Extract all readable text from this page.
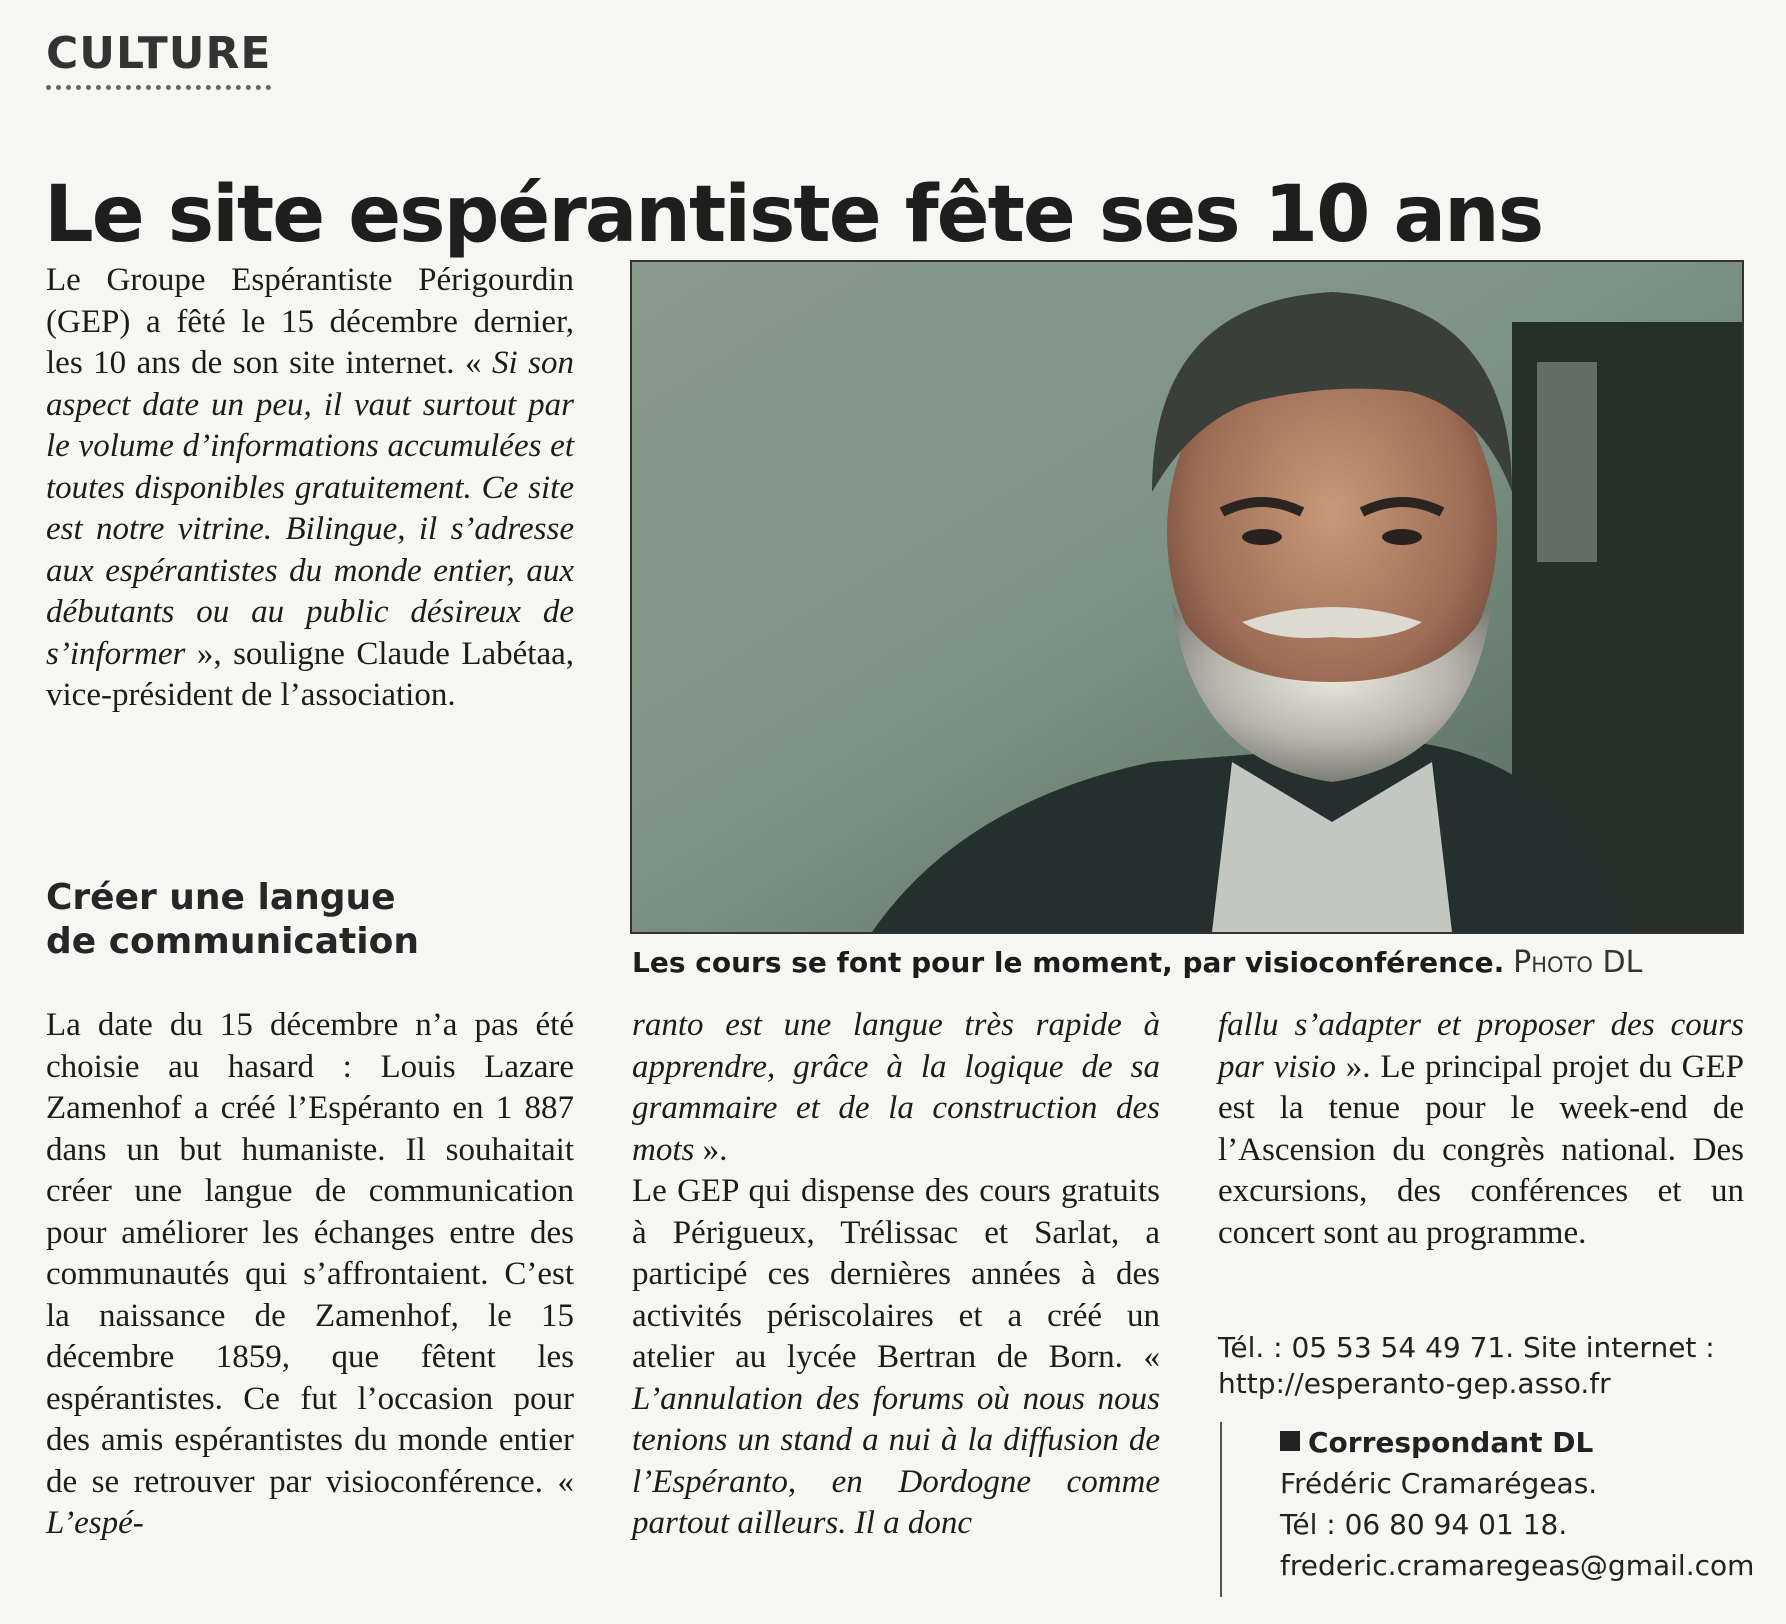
CULTURE
Le site espérantiste fête ses 10 ans

Le Groupe Espérantiste Périgourdin (GEP) a fêté le 15 décembre dernier, les 10 ans de son site internet. « Si son aspect date un peu, il vaut surtout par le volume d’informations accumulées et toutes disponibles gratuitement. Ce site est notre vitrine. Bilingue, il s’adresse aux espérantistes du monde entier, aux débutants ou au public désireux de s’informer », souligne Claude Labétaa, vice-président de l’association.

Créer une langue
de communication
Les cours se font pour le moment, par visioconférence. Photo DL

La date du 15 décembre n’a pas été choisie au hasard : Louis Lazare Zamenhof a créé l’Espéranto en 1 887 dans un but humaniste. Il souhaitait créer une langue de communication pour améliorer les échanges entre des communautés qui s’affrontaient. C’est la naissance de Zamenhof, le 15 décembre 1859, que fêtent les espérantistes. Ce fut l’occasion pour des amis espérantistes du monde entier de se retrouver par visioconférence. « L’espé-

ranto est une langue très rapide à apprendre, grâce à la logique de sa grammaire et de la construction des mots ».

Le GEP qui dispense des cours gratuits à Périgueux, Trélissac et Sarlat, a participé ces dernières années à des activités périscolaires et a créé un atelier au lycée Bertran de Born. « L’annulation des forums où nous nous tenions un stand a nui à la diffusion de l’Espéranto, en Dordogne comme partout ailleurs. Il a donc

fallu s’adapter et proposer des cours par visio ». Le principal projet du GEP est la tenue pour le week-end de l’Ascension du congrès national. Des excursions, des conférences et un concert sont au programme.

Tél. : 05 53 54 49 71. Site internet :
http://esperanto-gep.asso.fr
Correspondant DL
Frédéric Cramarégeas.
Tél : 06 80 94 01 18.
frederic.cramaregeas@gmail.com
